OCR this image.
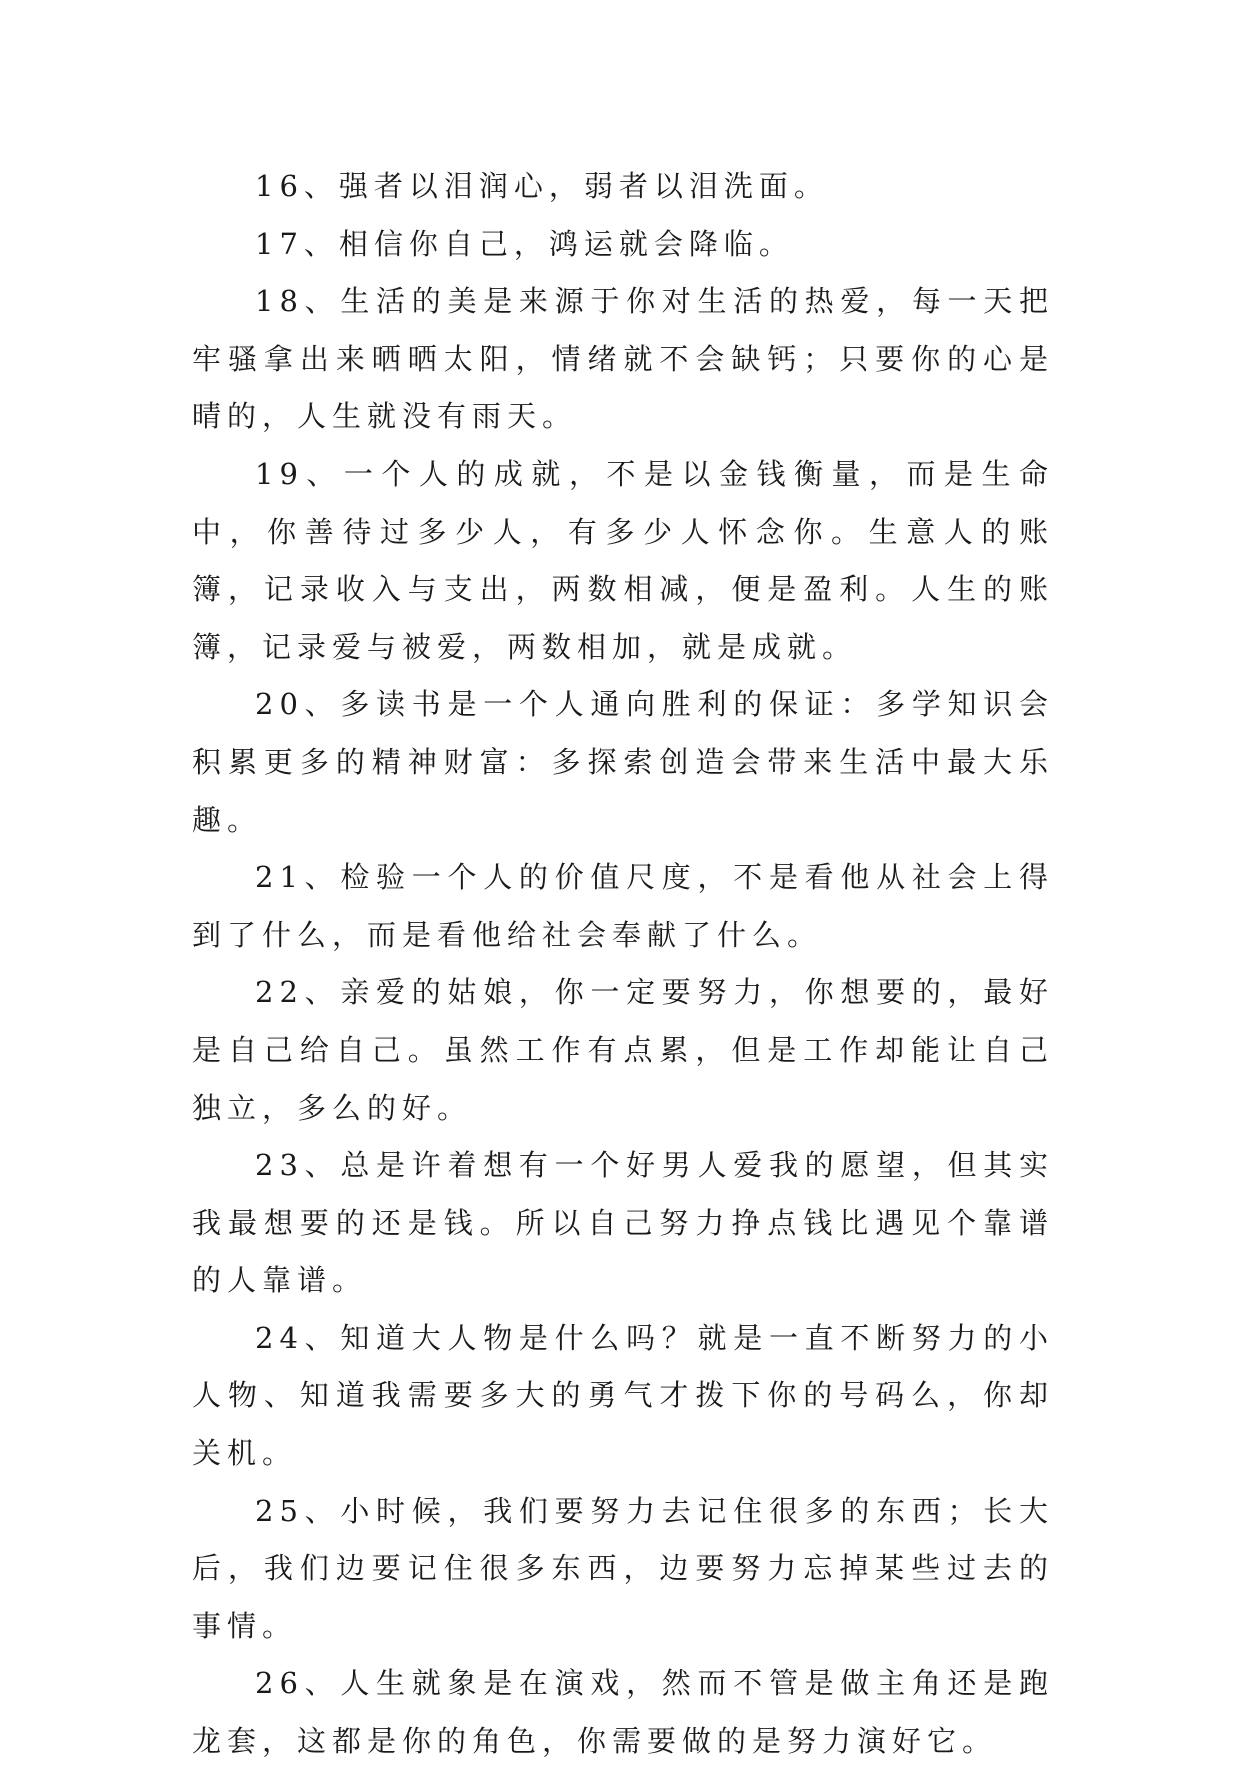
16、强者以泪润心，弱者以泪洗面。

17、相信你自己，鸿运就会降临。

18、生活的美是来源于你对生活的热爱，每一天把牢骚拿出来晒晒太阳，情绪就不会缺钙；只要你的心是晴的，人生就没有雨天。

19、一个人的成就，不是以金钱衡量，而是生命中，你善待过多少人，有多少人怀念你。生意人的账簿，记录收入与支出，两数相减，便是盈利。人生的账簿，记录爱与被爱，两数相加，就是成就。

20、多读书是一个人通向胜利的保证：多学知识会积累更多的精神财富：多探索创造会带来生活中最大乐趣。

21、检验一个人的价值尺度，不是看他从社会上得到了什么，而是看他给社会奉献了什么。

22、亲爱的姑娘，你一定要努力，你想要的，最好是自己给自己。虽然工作有点累，但是工作却能让自己独立，多么的好。

23、总是许着想有一个好男人爱我的愿望，但其实我最想要的还是钱。所以自己努力挣点钱比遇见个靠谱的人靠谱。

24、知道大人物是什么吗？就是一直不断努力的小人物、知道我需要多大的勇气才拨下你的号码么，你却关机。

25、小时候，我们要努力去记住很多的东西；长大后，我们边要记住很多东西，边要努力忘掉某些过去的事情。

26、人生就象是在演戏，然而不管是做主角还是跑龙套，这都是你的角色，你需要做的是努力演好它。
